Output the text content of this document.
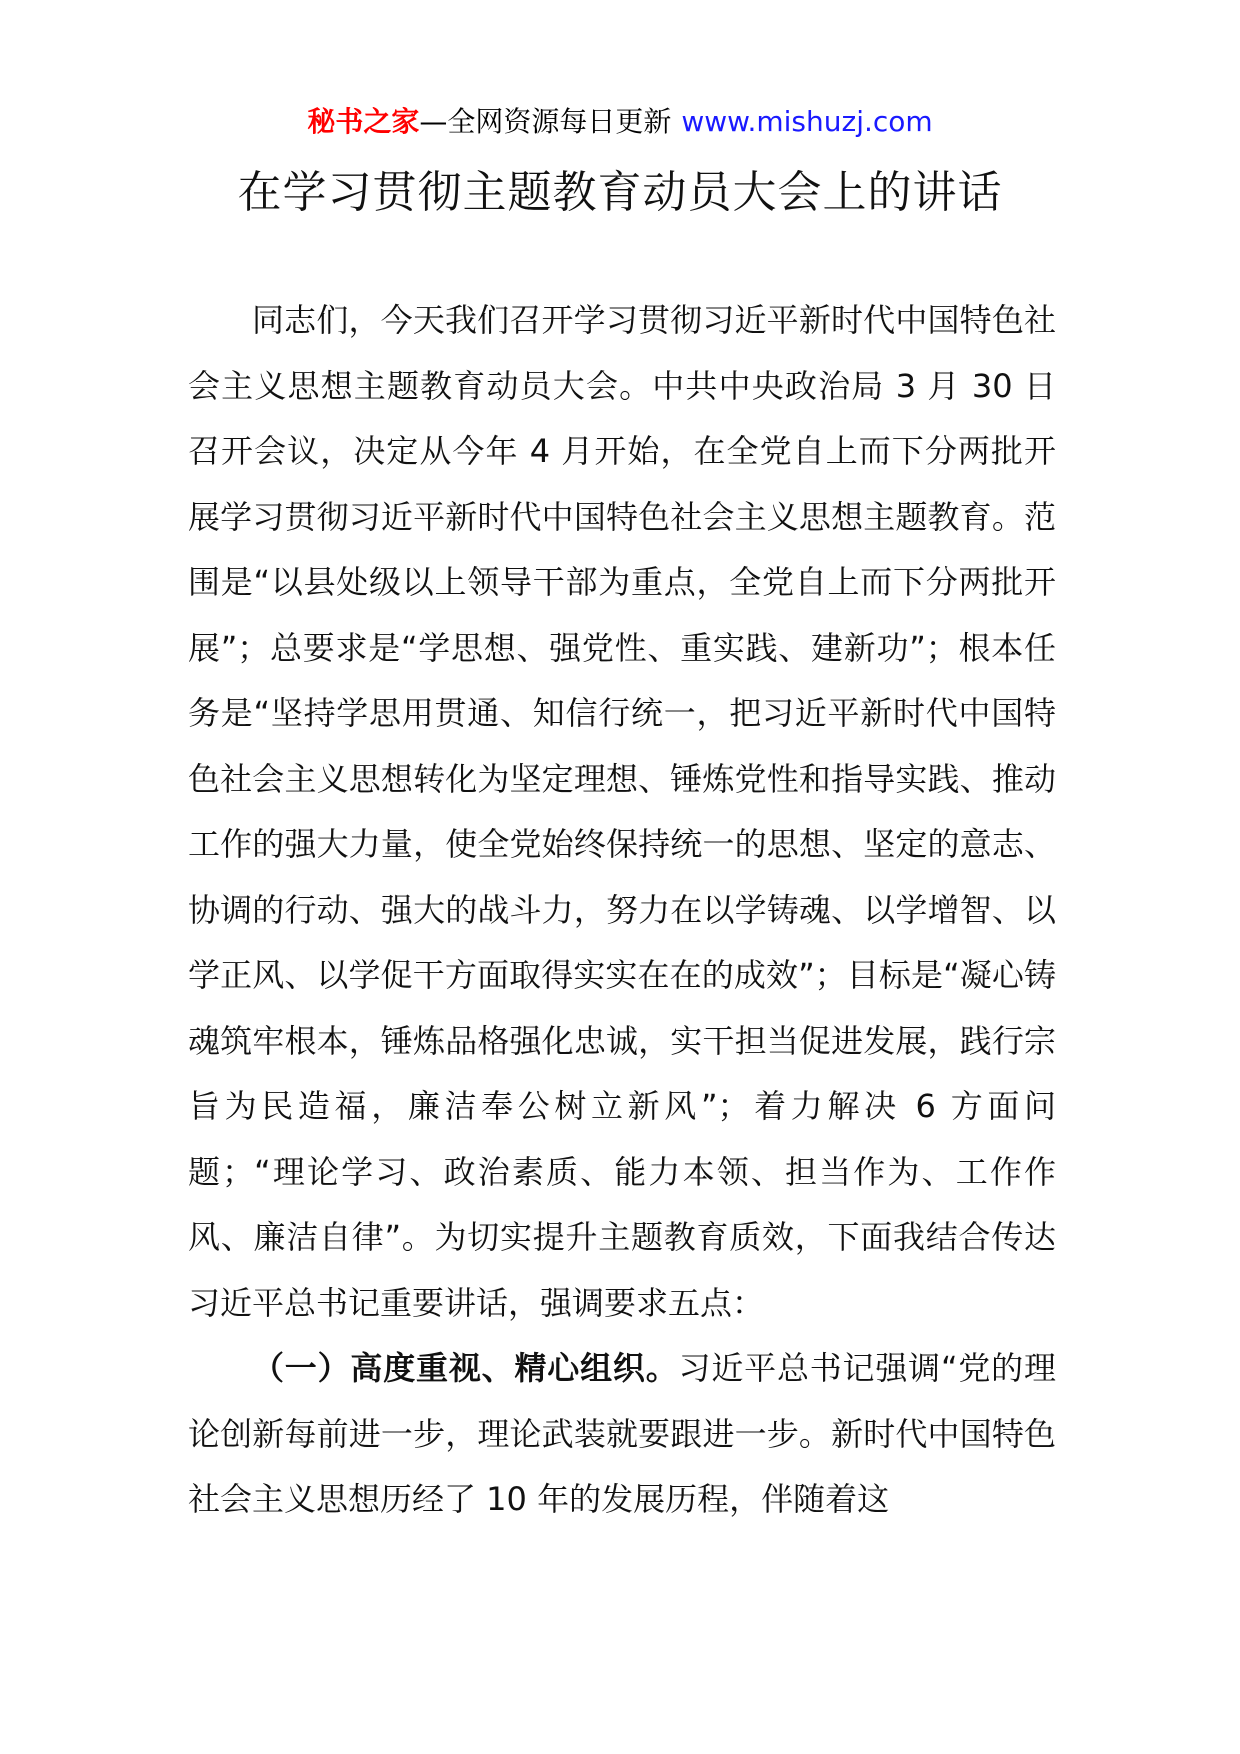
秘书之家—全网资源每日更新 www.mishuzj.com
在学习贯彻主题教育动员大会上的讲话

同志们，今天我们召开学习贯彻习近平新时代中国特色社会主义思想主题教育动员大会。中共中央政治局 3 月 30 日召开会议，决定从今年 4 月开始，在全党自上而下分两批开展学习贯彻习近平新时代中国特色社会主义思想主题教育。范围是“以县处级以上领导干部为重点，全党自上而下分两批开展”；总要求是“学思想、强党性、重实践、建新功”；根本任务是“坚持学思用贯通、知信行统一，把习近平新时代中国特色社会主义思想转化为坚定理想、锤炼党性和指导实践、推动工作的强大力量，使全党始终保持统一的思想、坚定的意志、协调的行动、强大的战斗力，努力在以学铸魂、以学增智、以学正风、以学促干方面取得实实在在的成效”；目标是“凝心铸魂筑牢根本，锤炼品格强化忠诚，实干担当促进发展，践行宗旨为民造福，廉洁奉公树立新风”；着力解决 6 方面问题；“理论学习、政治素质、能力本领、担当作为、工作作风、廉洁自律”。为切实提升主题教育质效，下面我结合传达习近平总书记重要讲话，强调要求五点：

（一）高度重视、精心组织。习近平总书记强调“党的理论创新每前进一步，理论武装就要跟进一步。新时代中国特色社会主义思想历经了 10 年的发展历程，伴随着这
